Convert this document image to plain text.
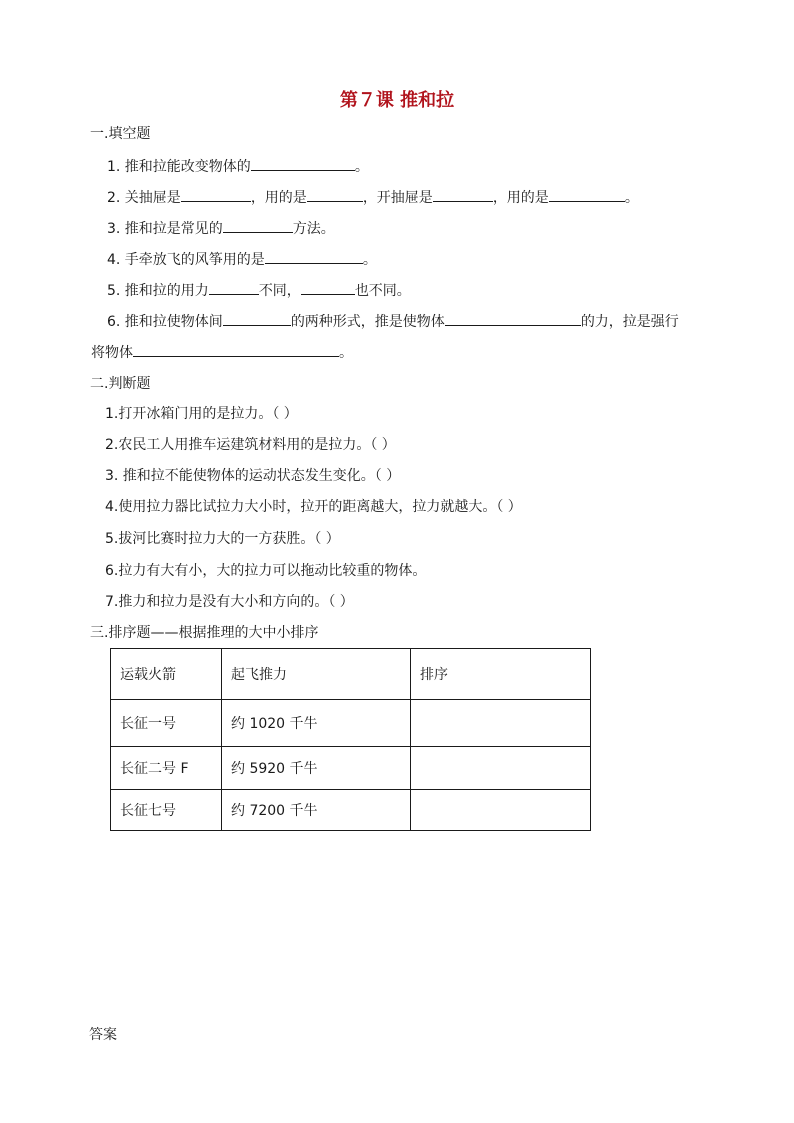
第７课 推和拉
一.填空题
1. 推和拉能改变物体的	。
2. 关抽屉是	，用的是	，开抽屉是	，用的是	。
3. 推和拉是常见的	方法。
4. 手牵放飞的风筝用的是	。
5. 推和拉的用力	不同，	也不同。
6. 推和拉使物体间	的两种形式，推是使物体	的力，拉是强行
将物体	。
二.判断题
1.打开冰箱门用的是拉力。（ ）
2.农民工人用推车运建筑材料用的是拉力。（ ）
3. 推和拉不能使物体的运动状态发生变化。（ ）
4.使用拉力器比试拉力大小时，拉开的距离越大，拉力就越大。（ ）
5.拔河比赛时拉力大的一方获胜。（ ）
6.拉力有大有小，大的拉力可以拖动比较重的物体。
7.推力和拉力是没有大小和方向的。（ ）
三.排序题——根据推理的大中小排序
运载火箭	起飞推力	排序
长征一号	约 1020 千牛	
长征二号 F	约 5920 千牛	
长征七号	约 7200 千牛	
答案
